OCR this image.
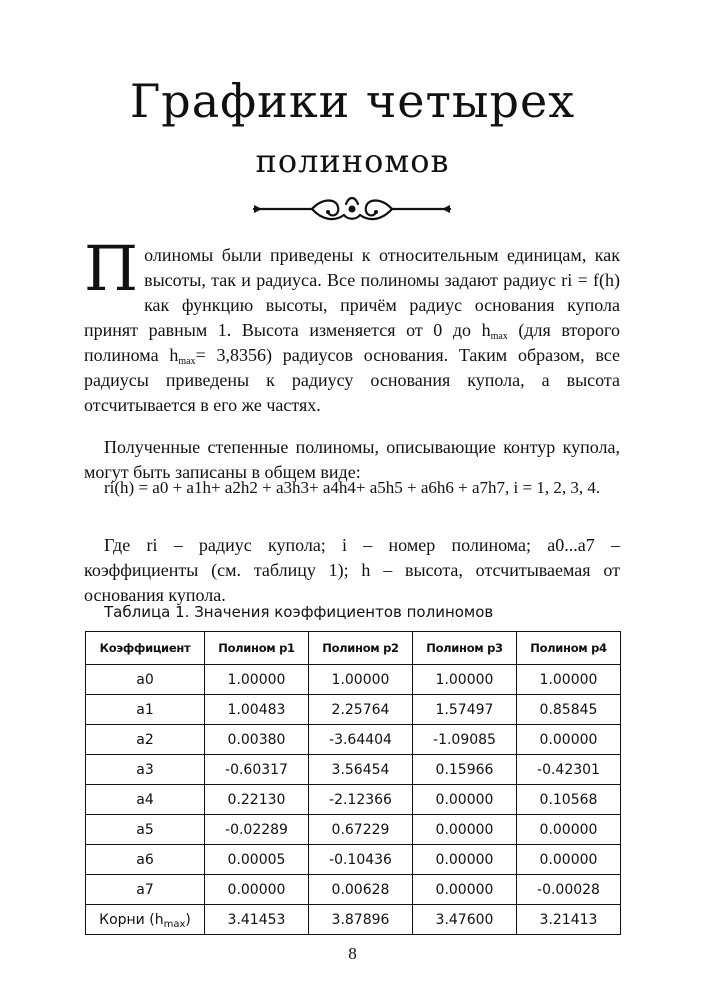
Графики четырех
полиномов
Полиномы были приведены к относительным единицам, как высоты, так и радиуса. Все полиномы задают радиус ri = f(h) как функцию высоты, причём радиус основания купола принят равным 1. Высота изменяется от 0 до $h_{max}$ (для второго полинома $h_{max}= 3,8356$) радиусов основания. Таким образом, все радиусы приведены к радиусу основания купола, а высота отсчитывается в его же частях.

Полученные степенные полиномы, описывающие контур купола, могут быть записаны в общем виде:

ri(h) = a0 + a1h+ a2h2 + a3h3+ a4h4+ a5h5 + a6h6 + a7h7, i = 1, 2, 3, 4.

Где ri – радиус купола; i – номер полинома; a0...a7 – коэффициенты (см. таблицу 1); h – высота, отсчитываемая от основания купола.

Таблица 1. Значения коэффициентов полиномов
Коэффициент	Полином p1	Полином p2	Полином p3	Полином p4
a0	1.00000	1.00000	1.00000	1.00000
a1	1.00483	2.25764	1.57497	0.85845
a2	0.00380	-3.64404	-1.09085	0.00000
a3	-0.60317	3.56454	0.15966	-0.42301
a4	0.22130	-2.12366	0.00000	0.10568
a5	-0.02289	0.67229	0.00000	0.00000
a6	0.00005	-0.10436	0.00000	0.00000
a7	0.00000	0.00628	0.00000	-0.00028
Корни $(h_{max})$	3.41453	3.87896	3.47600	3.21413
8
